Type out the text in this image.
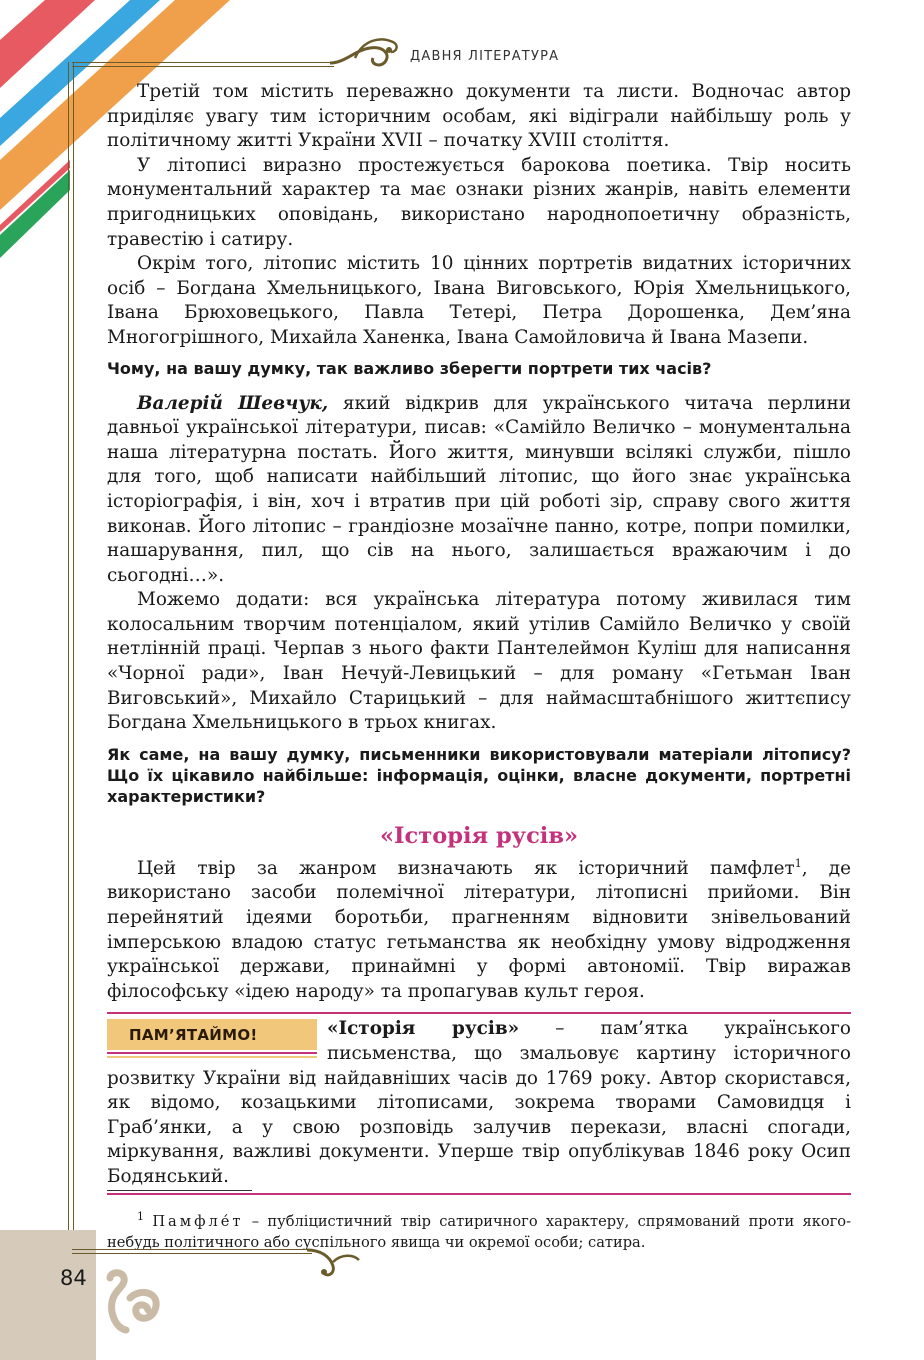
ДАВНЯ ЛІТЕРАТУРА

Третій том містить переважно документи та листи. Водночас автор приділяє увагу тим історичним особам, які відіграли найбільшу роль у політичному житті України XVII – початку XVIII століття.

У літописі виразно простежується барокова поетика. Твір носить монументальний характер та має ознаки різних жанрів, навіть елементи пригодницьких оповідань, використано народнопоетичну образність, травестію і сатиру.

Окрім того, літопис містить 10 цінних портретів видатних історичних осіб – Богдана Хмельницького, Івана Виговського, Юрія Хмельницького, Івана Брюховецького, Павла Тетері, Петра Дорошенка, Дем’яна Многогрішного, Михайла Ханенка, Івана Самойловича й Івана Мазепи.

Чому, на вашу думку, так важливо зберегти портрети тих часів?

Валерій Шевчук, який відкрив для українського читача перлини давньої української літератури, писав: «Самійло Величко – монументальна наша літературна постать. Його життя, минувши всілякі служби, пішло для того, щоб написати найбільший літопис, що його знає українська історіографія, і він, хоч і втратив при цій роботі зір, справу свого життя виконав. Його літопис – грандіозне мозаїчне панно, котре, попри помилки, нашарування, пил, що сів на нього, залишається вражаючим і до сьогодні…».

Можемо додати: вся українська література потому живилася тим колосальним творчим потенціалом, який утілив Самійло Величко у своїй нетлінній праці. Черпав з нього факти Пантелеймон Куліш для написання «Чорної ради», Іван Нечуй-Левицький – для роману «Гетьман Іван Виговський», Михайло Старицький – для наймасштабнішого життєпису Богдана Хмельницького в трьох книгах.

Як саме, на вашу думку, письменники використовували матеріали літопису? Що їх цікавило найбільше: інформація, оцінки, власне документи, портретні характеристики?

«Історія русів»

Цей твір за жанром визначають як історичний памфлет$^1$, де використано засоби полемічної літератури, літописні прийоми. Він перейнятий ідеями боротьби, прагненням відновити знівельований імперською владою статус гетьманства як необхідну умову відродження української держави, принаймні у формі автономії. Твір виражав філософську «ідею народу» та пропагував культ героя.

ПАМ’ЯТАЙМО!	«Історія русів» – пам’ятка українського письменства, що змальовує картину історичного розвитку України від найдавніших часів до 1769 року. Автор скористався, як відомо, козацькими літописами, зокрема творами Самовидця і Граб’янки, а у свою розповідь залучив перекази, власні спогади, міркування, важливі документи. Уперше твір опублікував 1846 року Осип Бодянський.

$^1$ Памфле́т – публіцистичний твір сатиричного характеру, спрямований проти якого-небудь політичного або суспільного явища чи окремої особи; сатира.

84
